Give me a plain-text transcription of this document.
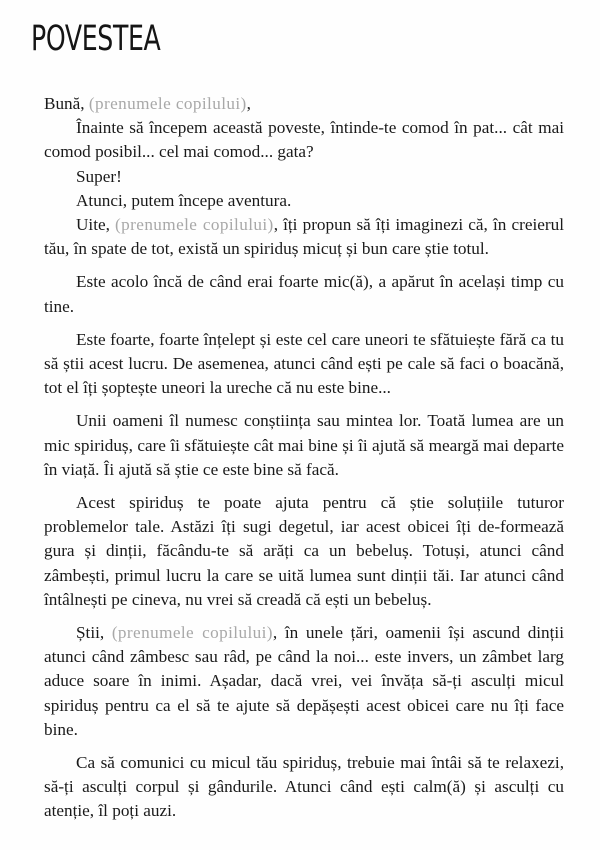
POVESTEA

Bună, (prenumele copilului),

Înainte să începem această poveste, întinde-te comod în pat... cât mai comod posibil... cel mai comod... gata?

Super!

Atunci, putem începe aventura.

Uite, (prenumele copilului), îți propun să îți imaginezi că, în creierul tău, în spate de tot, există un spiriduș micuț și bun care știe totul.

Este acolo încă de când erai foarte mic(ă), a apărut în același timp cu tine.

Este foarte, foarte înțelept și este cel care uneori te sfătuiește fără ca tu să știi acest lucru. De asemenea, atunci când ești pe cale să faci o boacănă, tot el îți șoptește uneori la ureche că nu este bine...

Unii oameni îl numesc conștiința sau mintea lor. Toată lumea are un mic spiriduș, care îi sfătuiește cât mai bine și îi ajută să meargă mai departe în viață. Îi ajută să știe ce este bine să facă.

Acest spiriduș te poate ajuta pentru că știe soluțiile tuturor problemelor tale. Astăzi îți sugi degetul, iar acest obicei îți de-formează gura și dinții, făcându-te să arăți ca un bebeluș. Totuși, atunci când zâmbești, primul lucru la care se uită lumea sunt dinții tăi. Iar atunci când întâlnești pe cineva, nu vrei să creadă că ești un bebeluș.

Știi, (prenumele copilului), în unele țări, oamenii își ascund dinții atunci când zâmbesc sau râd, pe când la noi... este invers, un zâmbet larg aduce soare în inimi. Așadar, dacă vrei, vei învăța să-ți asculți micul spiriduș pentru ca el să te ajute să depășești acest obicei care nu îți face bine.

Ca să comunici cu micul tău spiriduș, trebuie mai întâi să te relaxezi, să-ți asculți corpul și gândurile. Atunci când ești calm(ă) și asculți cu atenție, îl poți auzi.
